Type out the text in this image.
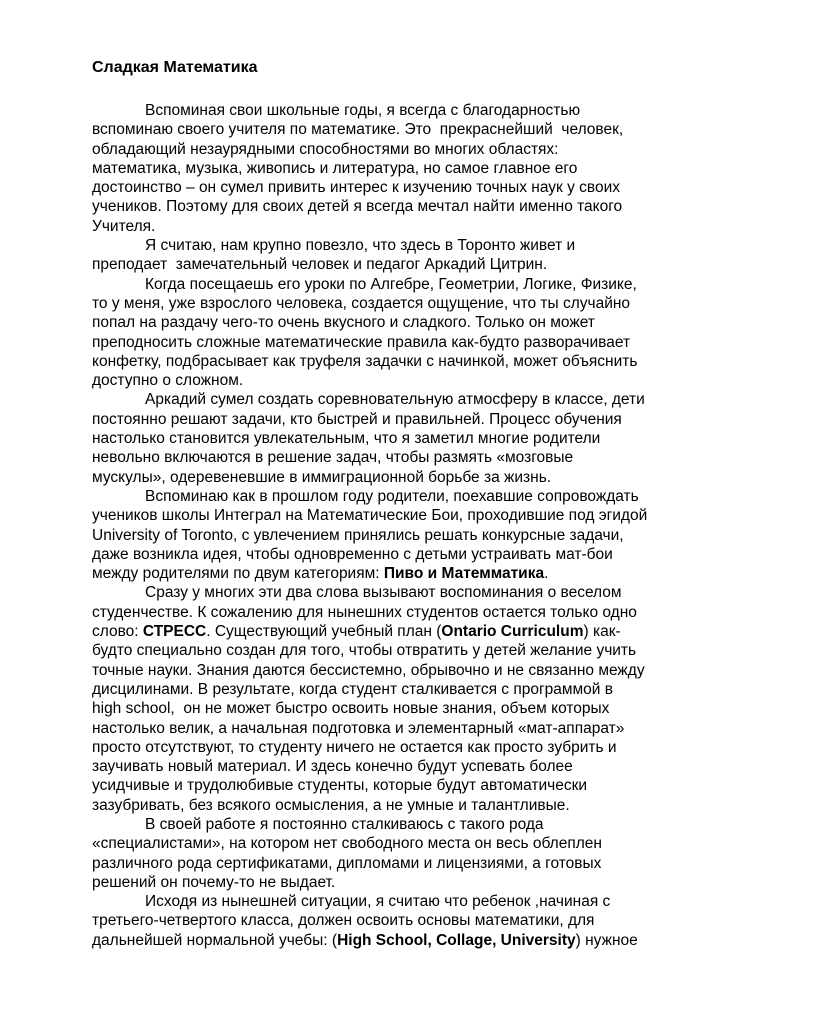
Сладкая Математика

Вспоминая свои школьные годы, я всегда с благодарностью
вспоминаю своего учителя по математике. Это  прекраснейший  человек,
обладающий незаурядными способностями во многих областях:
математика, музыка, живопись и литература, но самое главное его
достоинство – он сумел привить интерес к изучению точных наук у своих
учеников. Поэтому для своих детей я всегда мечтал найти именно такого
Учителя.

Я считаю, нам крупно повезло, что здесь в Торонто живет и
преподает  замечательный человек и педагог Аркадий Цитрин.

Когда посещаешь его уроки по Алгебре, Геометрии, Логике, Физике,
то у меня, уже взрослого человека, создается ощущение, что ты случайно
попал на раздачу чего-то очень вкусного и сладкого. Только он может
преподносить сложные математические правила как-будто разворачивает
конфетку, подбрасывает как труфеля задачки с начинкой, может объяснить
доступно о сложном.

Аркадий сумел создать соревновательную атмосферу в классе, дети
постоянно решают задачи, кто быстрей и правильней. Процесс обучения
настолько становится увлекательным, что я заметил многие родители
невольно включаются в решение задач, чтобы размять «мозговые
мускулы», одеревеневшие в иммиграционной борьбе за жизнь.

Вспоминаю как в прошлом году родители, поехавшие сопровождать
учеников школы Интеграл на Математические Бои, проходившие под эгидой
University of Toronto, с увлечением принялись решать конкурсные задачи,
даже возникла идея, чтобы одновременно с детьми устраивать мат-бои
между родителями по двум категориям: Пиво и Матемматика.

Сразу у многих эти два слова вызывают воспоминания о веселом
студенчестве. К сожалению для нынешних студентов остается только одно
слово: СТРЕСС. Существующий учебный план (Ontario Curriculum) как-
будто специально создан для того, чтобы отвратить у детей желание учить
точные науки. Знания даются бессистемно, обрывочно и не связанно между
дисцилинами. В результате, когда студент сталкивается с программой в
high school,  он не может быстро освоить новые знания, объем которых
настолько велик, а начальная подготовка и элементарный «мат-аппарат»
просто отсутствуют, то студенту ничего не остается как просто зубрить и
заучивать новый материал. И здесь конечно будут успевать более
усидчивые и трудолюбивые студенты, которые будут автоматически
зазубривать, без всякого осмысления, а не умные и талантливые.

В своей работе я постоянно сталкиваюсь с такого рода
«специалистами», на котором нет свободного места он весь облеплен
различного рода сертификатами, дипломами и лицензиями, а готовых
решений он почему-то не выдает.

Исходя из нынешней ситуации, я считаю что ребенок ,начиная с
третьего-четвертого класса, должен освоить основы математики, для
дальнейшей нормальной учебы: (High School, Collage, University) нужное
